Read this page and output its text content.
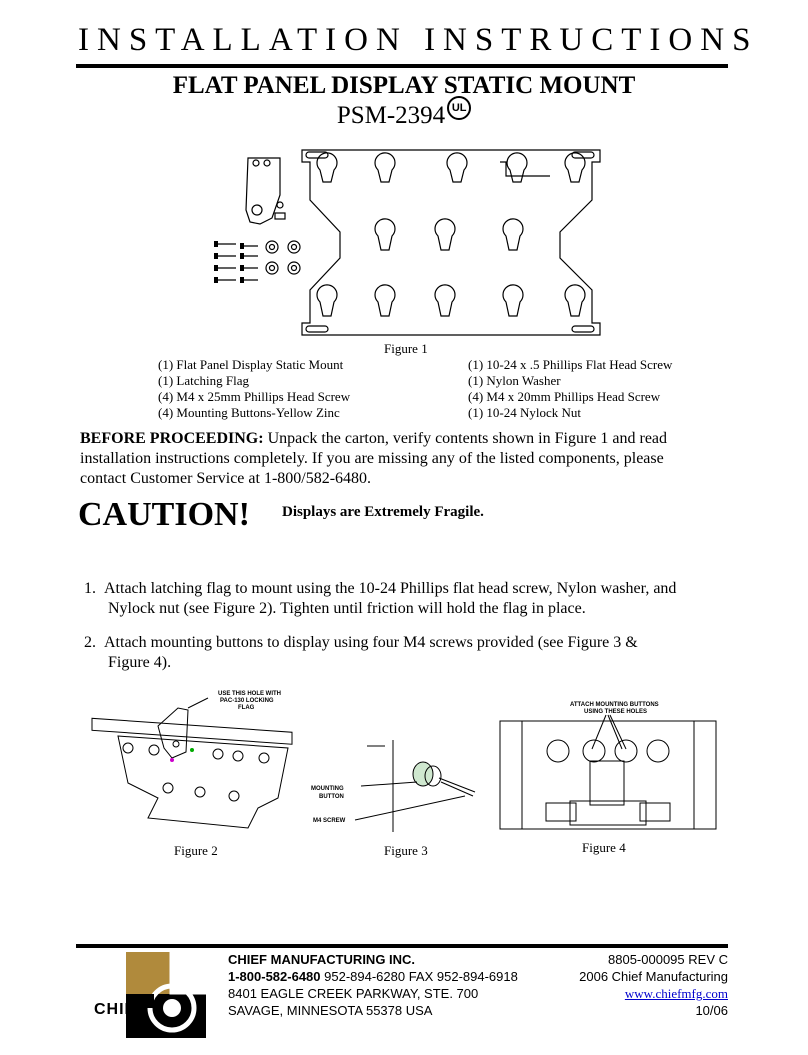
INSTALLATION INSTRUCTIONS
FLAT PANEL DISPLAY STATIC MOUNT
PSM-2394 UL
Figure 1
(1) Flat Panel Display Static Mount
(1) Latching Flag
(4) M4 x 25mm Phillips Head Screw
(4) Mounting Buttons-Yellow Zinc
(1) 10-24 x .5 Phillips Flat Head Screw
(1) Nylon Washer
(4) M4 x 20mm Phillips Head Screw
(1) 10-24 Nylock Nut
BEFORE PROCEEDING: Unpack the carton, verify contents shown in Figure 1 and read
installation instructions completely. If you are missing any of the listed components, please
contact Customer Service at 1-800/582-6480.
CAUTION! Displays are Extremely Fragile.
1. Attach latching flag to mount using the 10-24 Phillips flat head screw, Nylon washer, and
Nylock nut (see Figure 2). Tighten until friction will hold the flag in place.
2. Attach mounting buttons to display using four M4 screws provided (see Figure 3 &
Figure 4).
USE THIS HOLE WITH
PAC-130 LOCKING
FLAG
Figure 2
MOUNTING
BUTTON
M4 SCREW
Figure 3
ATTACH MOUNTING BUTTONS
USING THESE HOLES
Figure 4
CHIEF
CHIEF MANUFACTURING INC.
1-800-582-6480 952-894-6280 FAX 952-894-6918
8401 EAGLE CREEK PARKWAY, STE. 700
SAVAGE, MINNESOTA 55378 USA
8805-000095 REV C
2006 Chief Manufacturing
www.chiefmfg.com
10/06
